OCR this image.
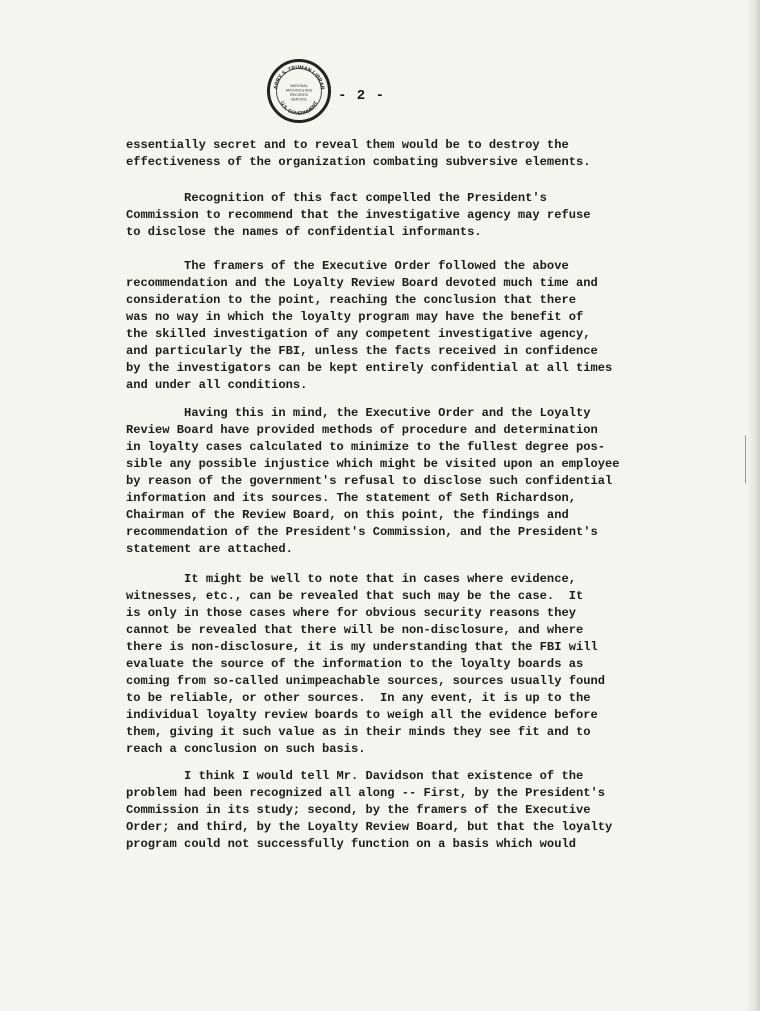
ARRY S. TRUMAN LIBRAR
U.S. GOVERNMENT
NATIONAL
ARCHIVES AND
RECORDS
SERVICE - 2 -
essentially secret and to reveal them would be to destroy the
effectiveness of the organization combating subversive elements.
Recognition of this fact compelled the President's
Commission to recommend that the investigative agency may refuse
to disclose the names of confidential informants.
The framers of the Executive Order followed the above
recommendation and the Loyalty Review Board devoted much time and
consideration to the point, reaching the conclusion that there
was no way in which the loyalty program may have the benefit of
the skilled investigation of any competent investigative agency,
and particularly the FBI, unless the facts received in confidence
by the investigators can be kept entirely confidential at all times
and under all conditions.
Having this in mind, the Executive Order and the Loyalty
Review Board have provided methods of procedure and determination
in loyalty cases calculated to minimize to the fullest degree pos-
sible any possible injustice which might be visited upon an employee
by reason of the government's refusal to disclose such confidential
information and its sources. The statement of Seth Richardson,
Chairman of the Review Board, on this point, the findings and
recommendation of the President's Commission, and the President's
statement are attached.
It might be well to note that in cases where evidence,
witnesses, etc., can be revealed that such may be the case.  It
is only in those cases where for obvious security reasons they
cannot be revealed that there will be non-disclosure, and where
there is non-disclosure, it is my understanding that the FBI will
evaluate the source of the information to the loyalty boards as
coming from so-called unimpeachable sources, sources usually found
to be reliable, or other sources.  In any event, it is up to the
individual loyalty review boards to weigh all the evidence before
them, giving it such value as in their minds they see fit and to
reach a conclusion on such basis.
I think I would tell Mr. Davidson that existence of the
problem had been recognized all along -- First, by the President's
Commission in its study; second, by the framers of the Executive
Order; and third, by the Loyalty Review Board, but that the loyalty
program could not successfully function on a basis which would
